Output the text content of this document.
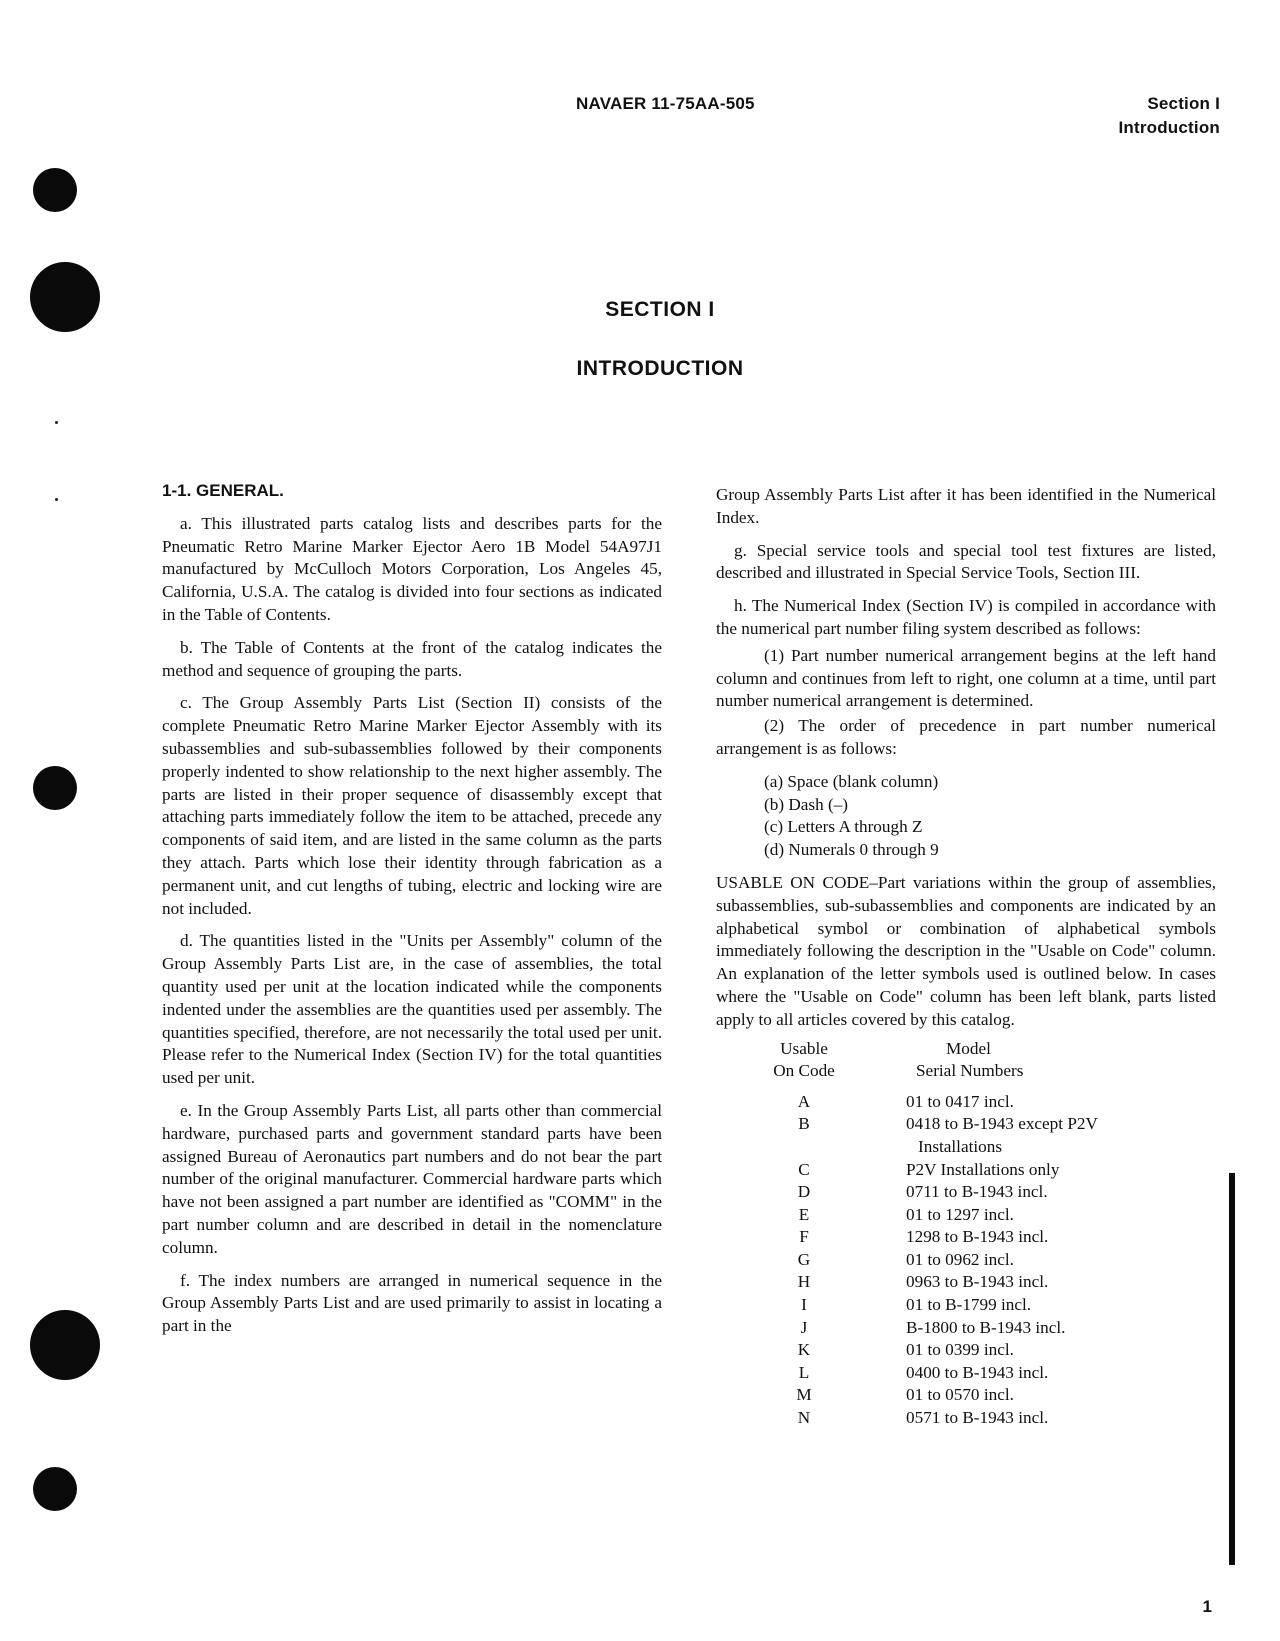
NAVAER 11-75AA-505	Section I
Introduction
SECTION I
INTRODUCTION
1-1. GENERAL.

a. This illustrated parts catalog lists and describes parts for the Pneumatic Retro Marine Marker Ejector Aero 1B Model 54A97J1 manufactured by McCulloch Motors Corporation, Los Angeles 45, California, U.S.A. The catalog is divided into four sections as indicated in the Table of Contents.

b. The Table of Contents at the front of the catalog indicates the method and sequence of grouping the parts.

c. The Group Assembly Parts List (Section II) consists of the complete Pneumatic Retro Marine Marker Ejector Assembly with its subassemblies and sub-subassemblies followed by their components properly indented to show relationship to the next higher assembly. The parts are listed in their proper sequence of disassembly except that attaching parts immediately follow the item to be attached, precede any components of said item, and are listed in the same column as the parts they attach. Parts which lose their identity through fabrication as a permanent unit, and cut lengths of tubing, electric and locking wire are not included.

d. The quantities listed in the "Units per Assembly" column of the Group Assembly Parts List are, in the case of assemblies, the total quantity used per unit at the location indicated while the components indented under the assemblies are the quantities used per assembly. The quantities specified, therefore, are not necessarily the total used per unit. Please refer to the Numerical Index (Section IV) for the total quantities used per unit.

e. In the Group Assembly Parts List, all parts other than commercial hardware, purchased parts and government standard parts have been assigned Bureau of Aeronautics part numbers and do not bear the part number of the original manufacturer. Commercial hardware parts which have not been assigned a part number are identified as "COMM" in the part number column and are described in detail in the nomenclature column.

f. The index numbers are arranged in numerical sequence in the Group Assembly Parts List and are used primarily to assist in locating a part in the

Group Assembly Parts List after it has been identified in the Numerical Index.

g. Special service tools and special tool test fixtures are listed, described and illustrated in Special Service Tools, Section III.

h. The Numerical Index (Section IV) is compiled in accordance with the numerical part number filing system described as follows:

(1) Part number numerical arrangement begins at the left hand column and continues from left to right, one column at a time, until part number numerical arrangement is determined.

(2) The order of precedence in part number numerical arrangement is as follows:

(a) Space (blank column)
(b) Dash (–)
(c) Letters A through Z
(d) Numerals 0 through 9

USABLE ON CODE–Part variations within the group of assemblies, subassemblies, sub-subassemblies and components are indicated by an alphabetical symbol or combination of alphabetical symbols immediately following the description in the "Usable on Code" column. An explanation of the letter symbols used is outlined below. In cases where the "Usable on Code" column has been left blank, parts listed apply to all articles covered by this catalog.

Usable	Model
On Code	Serial Numbers
A	01 to 0417 incl.
B	0418 to B-1943 except P2V
	Installations
C	P2V Installations only
D	0711 to B-1943 incl.
E	01 to 1297 incl.
F	1298 to B-1943 incl.
G	01 to 0962 incl.
H	0963 to B-1943 incl.
I	01 to B-1799 incl.
J	B-1800 to B-1943 incl.
K	01 to 0399 incl.
L	0400 to B-1943 incl.
M	01 to 0570 incl.
N	0571 to B-1943 incl.
1
